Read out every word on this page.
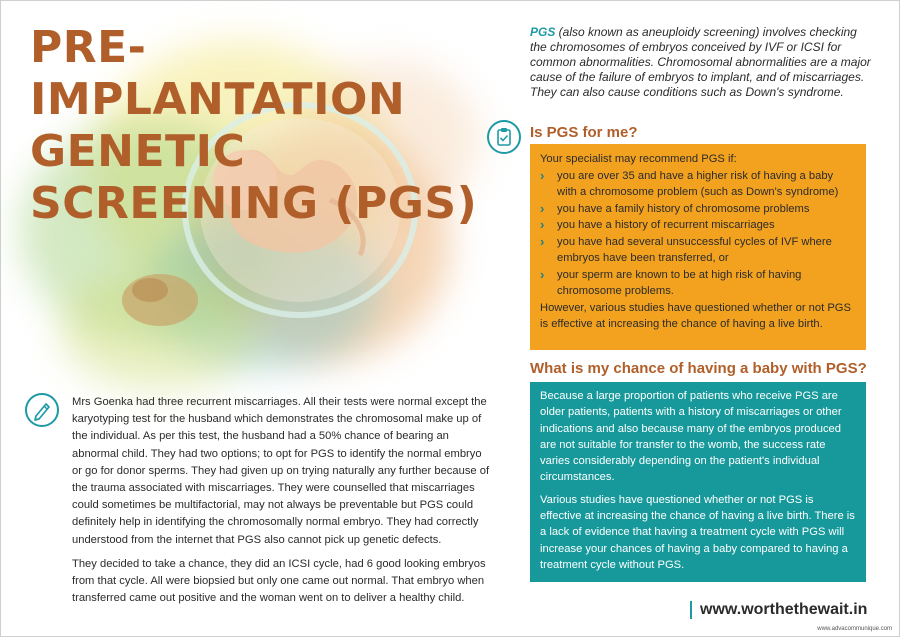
PRE-IMPLANTATION GENETIC SCREENING (PGS)
PGS (also known as aneuploidy screening) involves checking the chromosomes of embryos conceived by IVF or ICSI for common abnormalities. Chromosomal abnormalities are a major cause of the failure of embryos to implant, and of miscarriages. They can also cause conditions such as Down's syndrome.
Is PGS for me?
Your specialist may recommend PGS if:
› you are over 35 and have a higher risk of having a baby with a chromosome problem (such as Down's syndrome)
› you have a family history of chromosome problems
› you have a history of recurrent miscarriages
› you have had several unsuccessful cycles of IVF where embryos have been transferred, or
› your sperm are known to be at high risk of having chromosome problems.
However, various studies have questioned whether or not PGS is effective at increasing the chance of having a live birth.
What is my chance of having a baby with PGS?

Because a large proportion of patients who receive PGS are older patients, patients with a history of miscarriages or other indications and also because many of the embryos produced are not suitable for transfer to the womb, the success rate varies considerably depending on the patient's individual circumstances.

Various studies have questioned whether or not PGS is effective at increasing the chance of having a live birth. There is a lack of evidence that having a treatment cycle with PGS will increase your chances of having a baby compared to having a treatment cycle without PGS.

Mrs Goenka had three recurrent miscarriages. All their tests were normal except the karyotyping test for the husband which demonstrates the chromosomal make up of the individual. As per this test, the husband had a 50% chance of bearing an abnormal child. They had two options; to opt for PGS to identify the normal embryo or go for donor sperms. They had given up on trying naturally any further because of the trauma associated with miscarriages. They were counselled that miscarriages could sometimes be multifactorial, may not always be preventable but PGS could definitely help in identifying the chromosomally normal embryo. They had correctly understood from the internet that PGS also cannot pick up genetic defects.

They decided to take a chance, they did an ICSI cycle, had 6 good looking embryos from that cycle. All were biopsied but only one came out normal. That embryo when transferred came out positive and the woman went on to deliver a healthy child.

www.worthethewait.in
www.advacommunique.com
